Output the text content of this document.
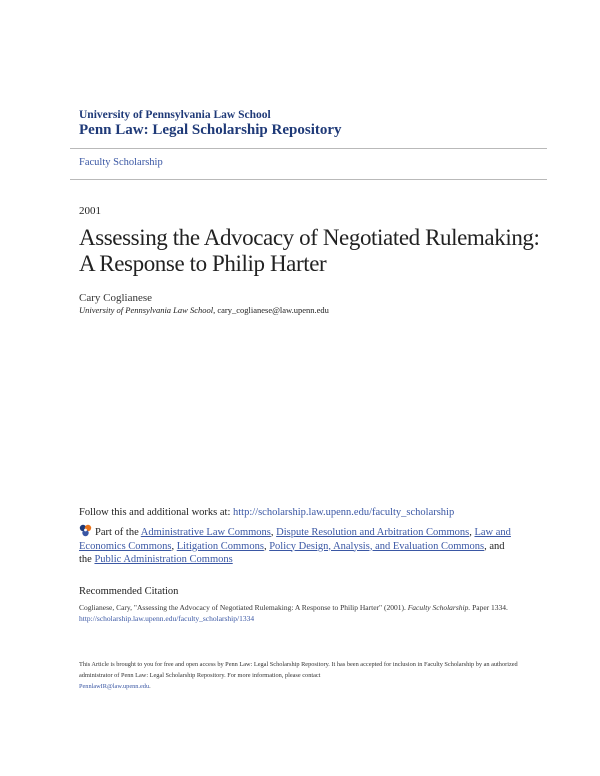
University of Pennsylvania Law School
Penn Law: Legal Scholarship Repository
Faculty Scholarship
2001
Assessing the Advocacy of Negotiated Rulemaking: A Response to Philip Harter
Cary Coglianese
University of Pennsylvania Law School, cary_coglianese@law.upenn.edu
Follow this and additional works at: http://scholarship.law.upenn.edu/faculty_scholarship
Part of the Administrative Law Commons, Dispute Resolution and Arbitration Commons, Law and Economics Commons, Litigation Commons, Policy Design, Analysis, and Evaluation Commons, and the Public Administration Commons
Recommended Citation
Coglianese, Cary, "Assessing the Advocacy of Negotiated Rulemaking: A Response to Philip Harter" (2001). Faculty Scholarship. Paper 1334.
http://scholarship.law.upenn.edu/faculty_scholarship/1334
This Article is brought to you for free and open access by Penn Law: Legal Scholarship Repository. It has been accepted for inclusion in Faculty Scholarship by an authorized administrator of Penn Law: Legal Scholarship Repository. For more information, please contact
PennlawIR@law.upenn.edu.
